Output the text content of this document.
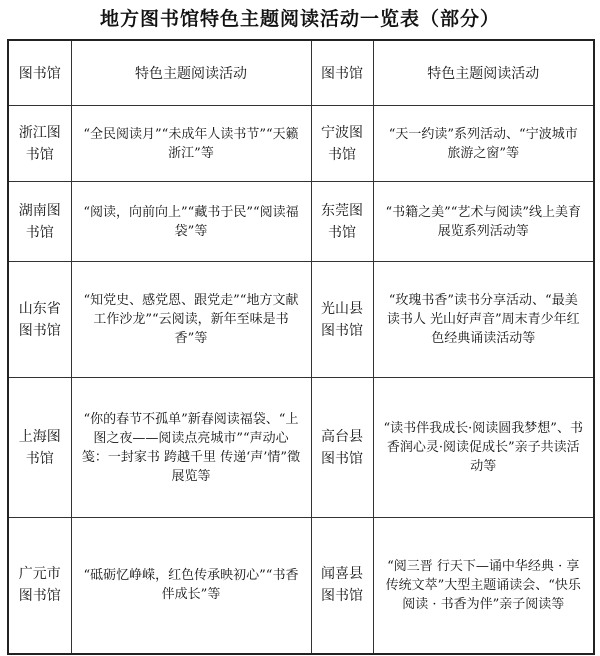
地方图书馆特色主题阅读活动一览表（部分）
图书馆	特色主题阅读活动	图书馆	特色主题阅读活动
浙江图书馆	“全民阅读月”“未成年人读书节”“天籁浙江”等	宁波图书馆	“天一约读”系列活动、“宁波城市旅游之窗”等
湖南图书馆	“阅读，向前向上”“藏书于民”“阅读福袋”等	东莞图书馆	“书籍之美”“艺术与阅读”线上美育展览系列活动等
山东省图书馆	“知党史、感党恩、跟党走”“地方文献工作沙龙”“云阅读，新年至味是书香”等	光山县图书馆	“玫瑰书香”读书分享活动、“最美读书人 光山好声音”周末青少年红色经典诵读活动等
上海图书馆	“你的春节不孤单”新春阅读福袋、“上图之夜——阅读点亮城市”“声动心笺：一封家书 跨越千里 传递‘声’情”徵展览等	高台县图书馆	“读书伴我成长·阅读圆我梦想”、书香润心灵·阅读促成长”亲子共读活动等
广元市图书馆	“砥砺忆峥嵘，红色传承映初心”“书香伴成长”等	闻喜县图书馆	“阅三晋 行天下—诵中华经典 · 享传统文萃”大型主题诵读会、“快乐阅读 · 书香为伴”亲子阅读等
